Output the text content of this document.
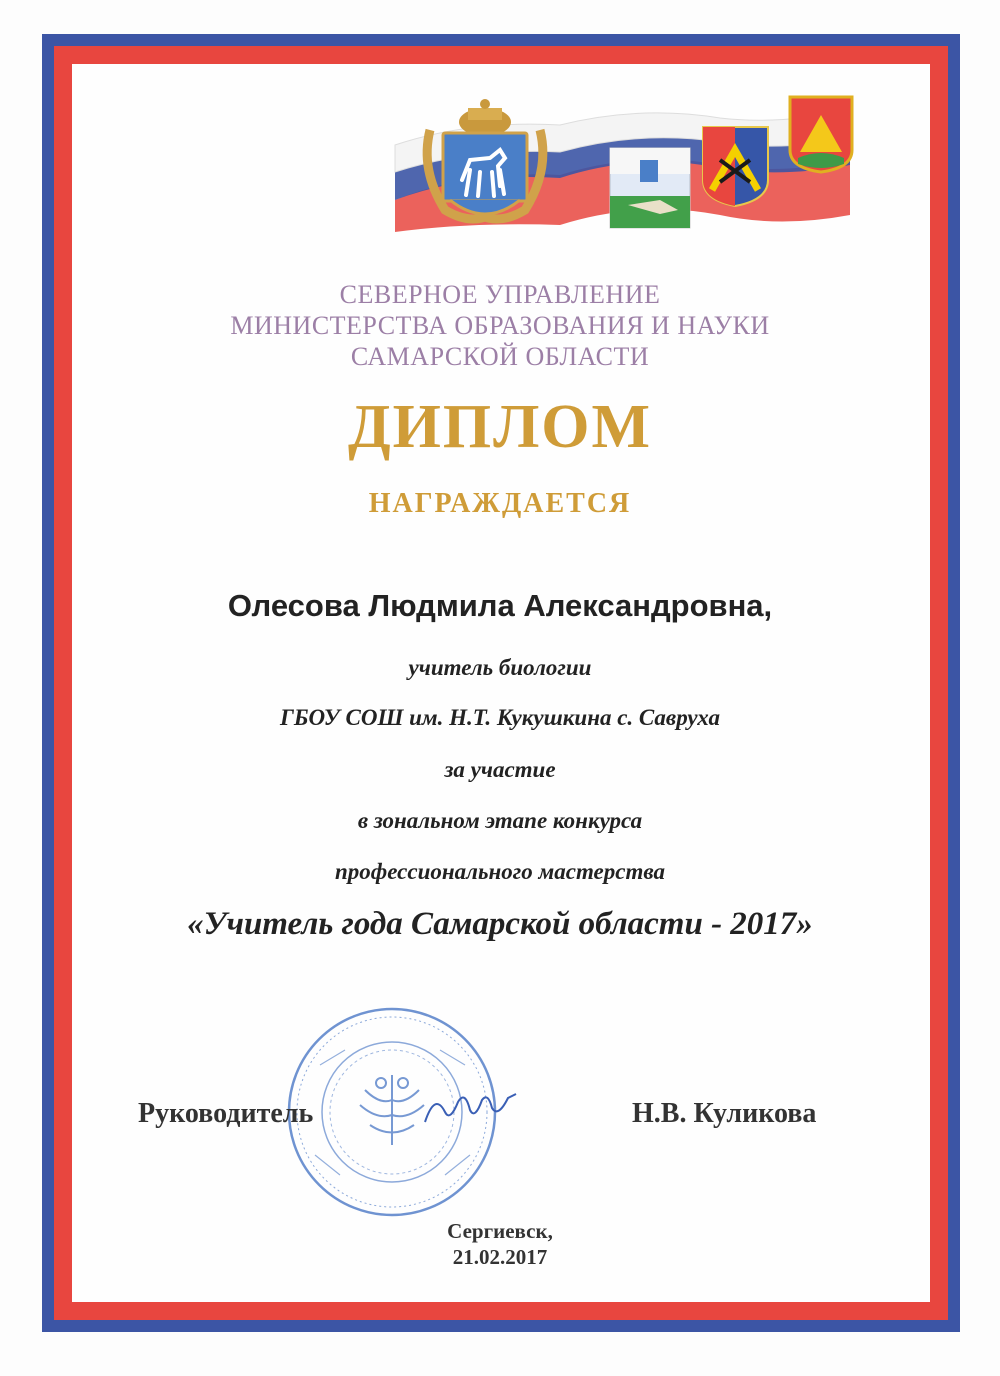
СЕВЕРНОЕ УПРАВЛЕНИЕ
МИНИСТЕРСТВА ОБРАЗОВАНИЯ И НАУКИ
САМАРСКОЙ ОБЛАСТИ
ДИПЛОМ
НАГРАЖДАЕТСЯ
Олесова Людмила Александровна,
учитель биологии
ГБОУ СОШ им. Н.Т. Кукушкина с. Савруха
за участие
в зональном этапе конкурса
профессионального мастерства
«Учитель года Самарской области - 2017»
Руководитель	Н.В. Куликова
Сергиевск,
21.02.2017
